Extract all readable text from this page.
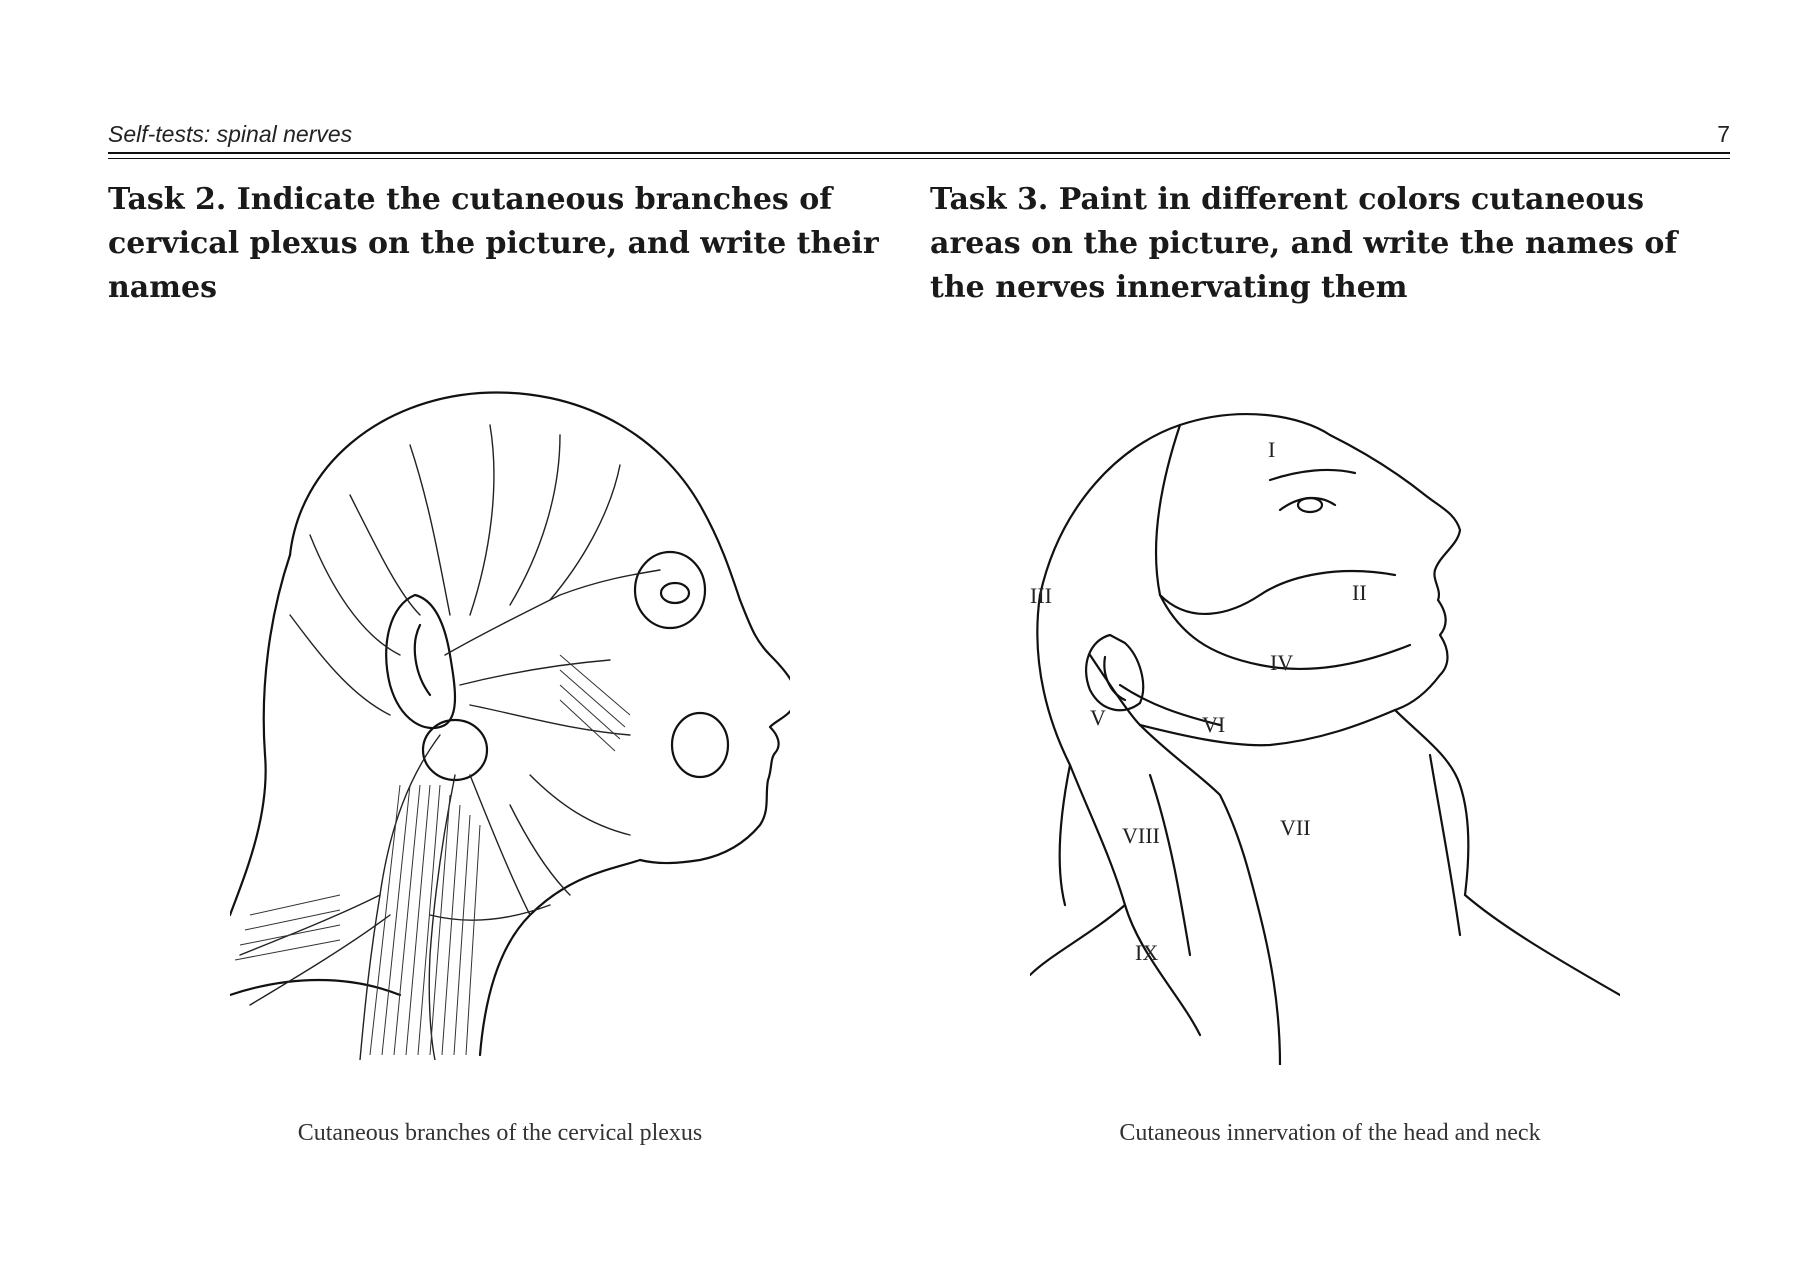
Self-tests: spinal nerves	7
Task 2. Indicate the cutaneous branches of cervical plexus on the picture, and write their names
Task 3. Paint in different colors cutaneous areas on the picture, and write the names of the nerves innervating them
I
II
III
IV
V	VI
VII
VIII
IX

Cutaneous branches of the cervical plexus	Cutaneous innervation of the head and neck
